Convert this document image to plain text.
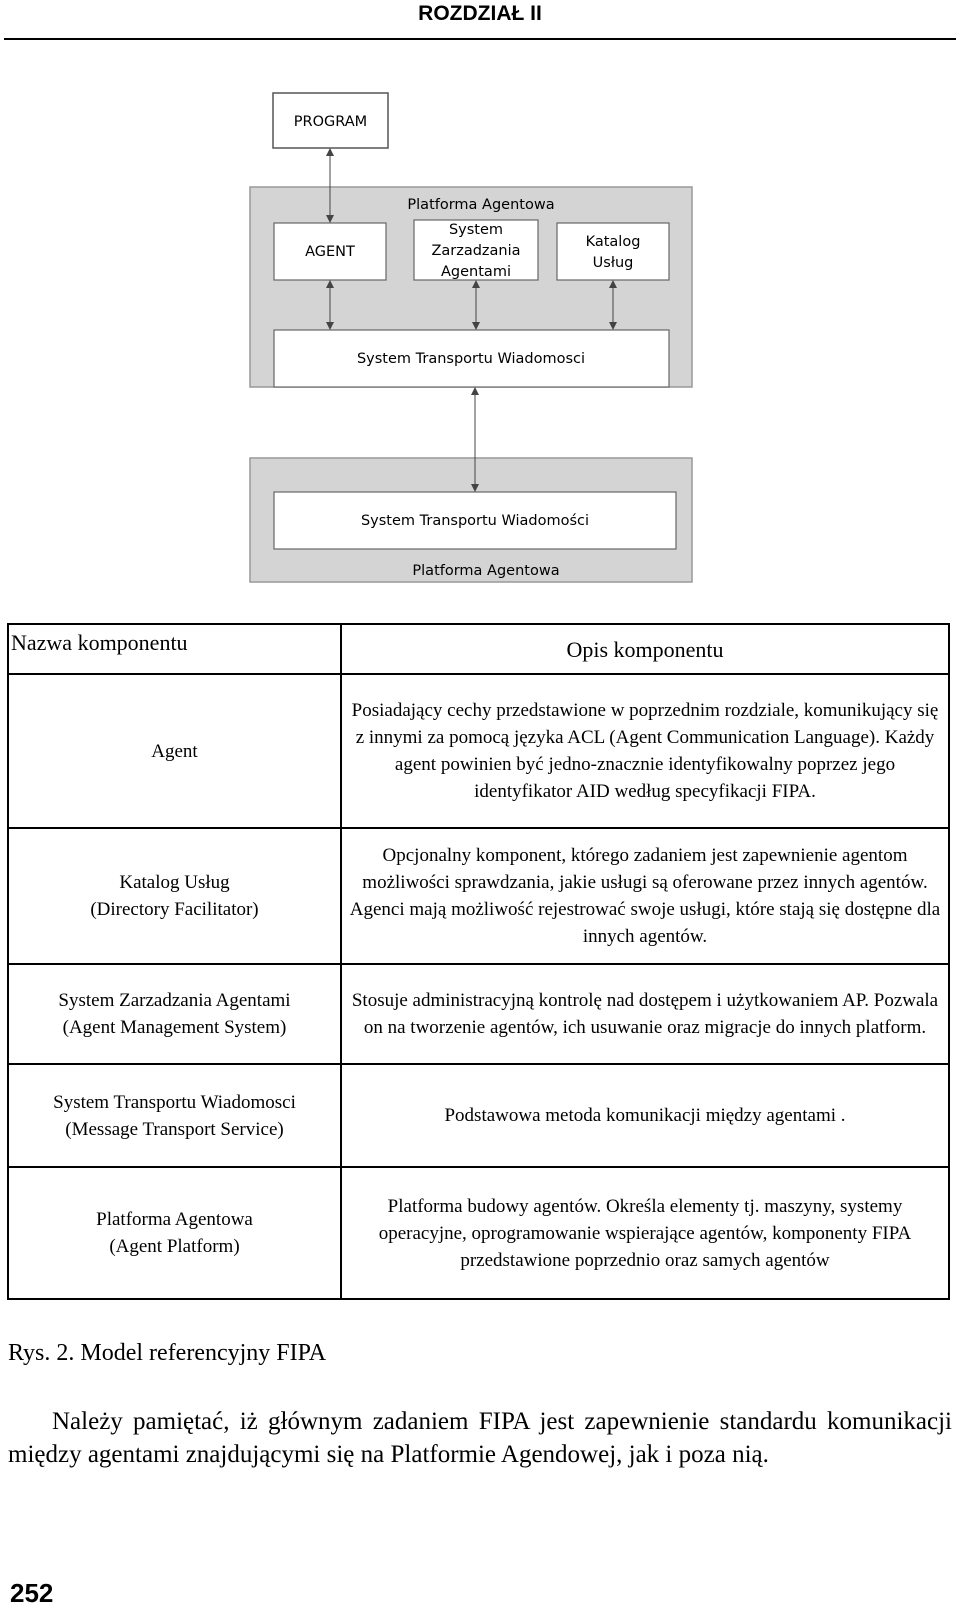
ROZDZIAŁ II
PROGRAM
Platforma Agentowa
AGENT
System
Zarzadzania
Agentami
Katalog
Usług
System Transportu Wiadomosci
System Transportu Wiadomości
Platforma Agentowa
Nazwa komponentu	Opis komponentu

Agent	Posiadający cechy przedstawione w poprzednim rozdziale, komunikujący się z innymi za pomocą języka ACL (Agent Communication Language). Każdy agent powinien być jedno-znacznie identyfikowalny poprzez jego identyfikator AID według specyfikacji FIPA.

Katalog Usług
(Directory Facilitator)	Opcjonalny komponent, którego zadaniem jest zapewnienie agentom możliwości sprawdzania, jakie usługi są oferowane przez innych agentów. Agenci mają możliwość rejestrować swoje usługi, które stają się dostępne dla innych agentów.

System Zarzadzania Agentami
(Agent Management System)	Stosuje administracyjną kontrolę nad dostępem i użytkowaniem AP. Pozwala on na tworzenie agentów, ich usuwanie oraz migracje do innych platform.

System Transportu Wiadomosci
(Message Transport Service)	Podstawowa metoda komunikacji między agentami .

Platforma Agentowa
(Agent Platform)	Platforma budowy agentów. Określa elementy tj. maszyny, systemy operacyjne, oprogramowanie wspierające agentów, komponenty FIPA przedstawione poprzednio oraz samych agentów
Rys. 2. Model referencyjny FIPA
Należy pamiętać, iż głównym zadaniem FIPA jest zapewnienie standardu komunikacji między agentami znajdującymi się na Platformie Agendowej, jak i poza nią.
252
